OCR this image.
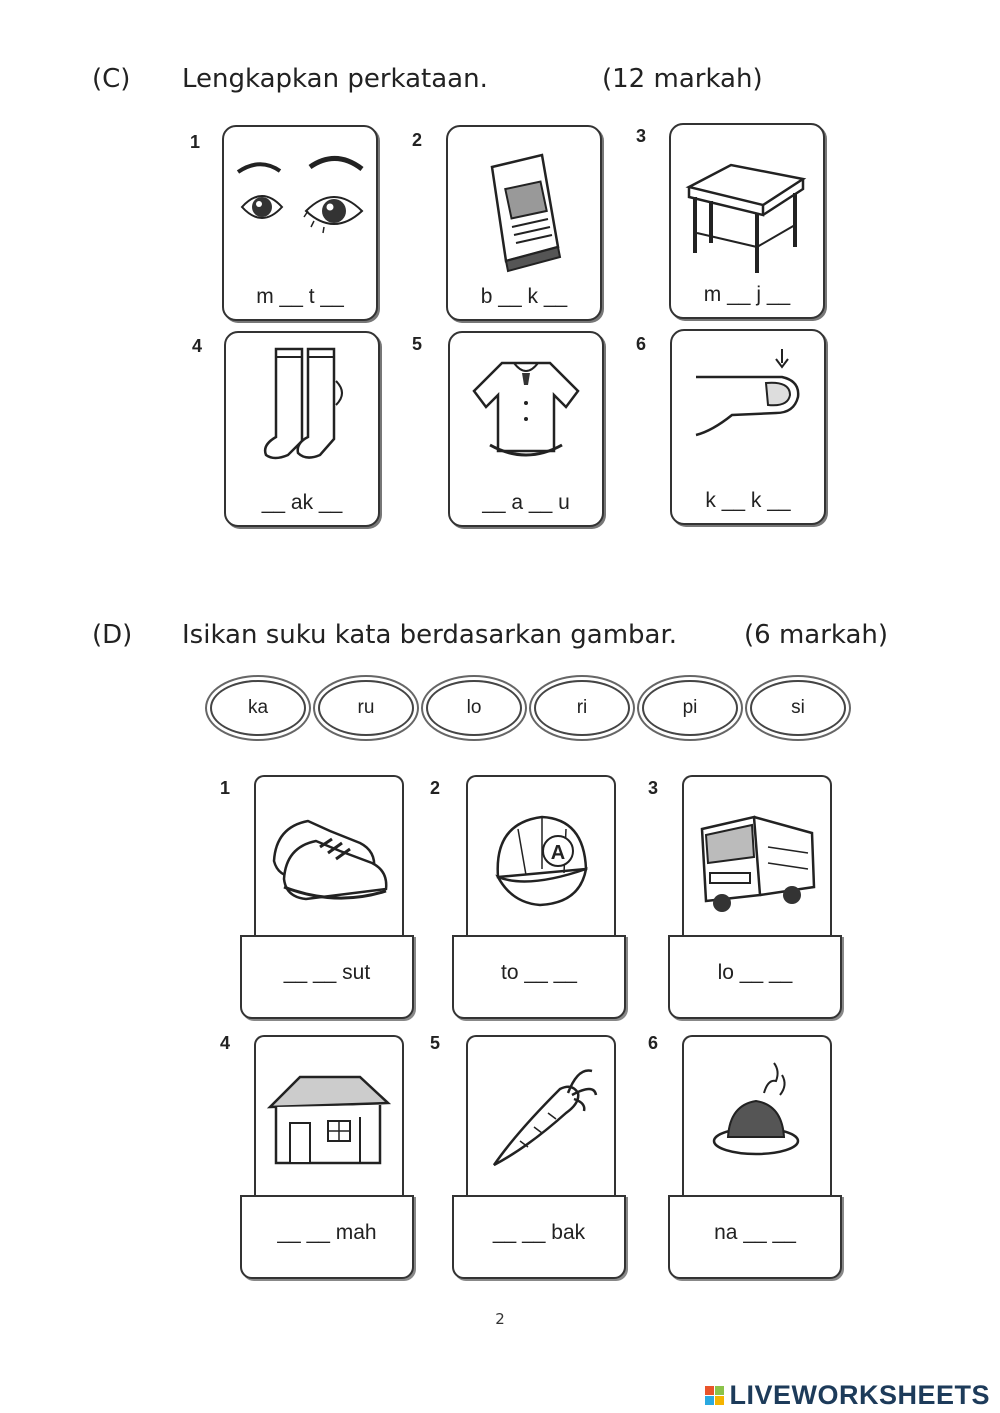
(C) Lengkapkan perkataan.	(12 markah)
1
m __ t __
2
b __ k __
3
m __ j __
4
__ ak __
5
__ a __ u
6
k __ k __
(D) Isikan suku kata berdasarkan gambar.	(6 markah)
ka	ru	lo	ri	pi	si
1
__ __ sut
2
A
to __ __
3
lo __ __
4
__ __ mah
5
__ __ bak
6
na __ __
2
LIVEWORKSHEETS
